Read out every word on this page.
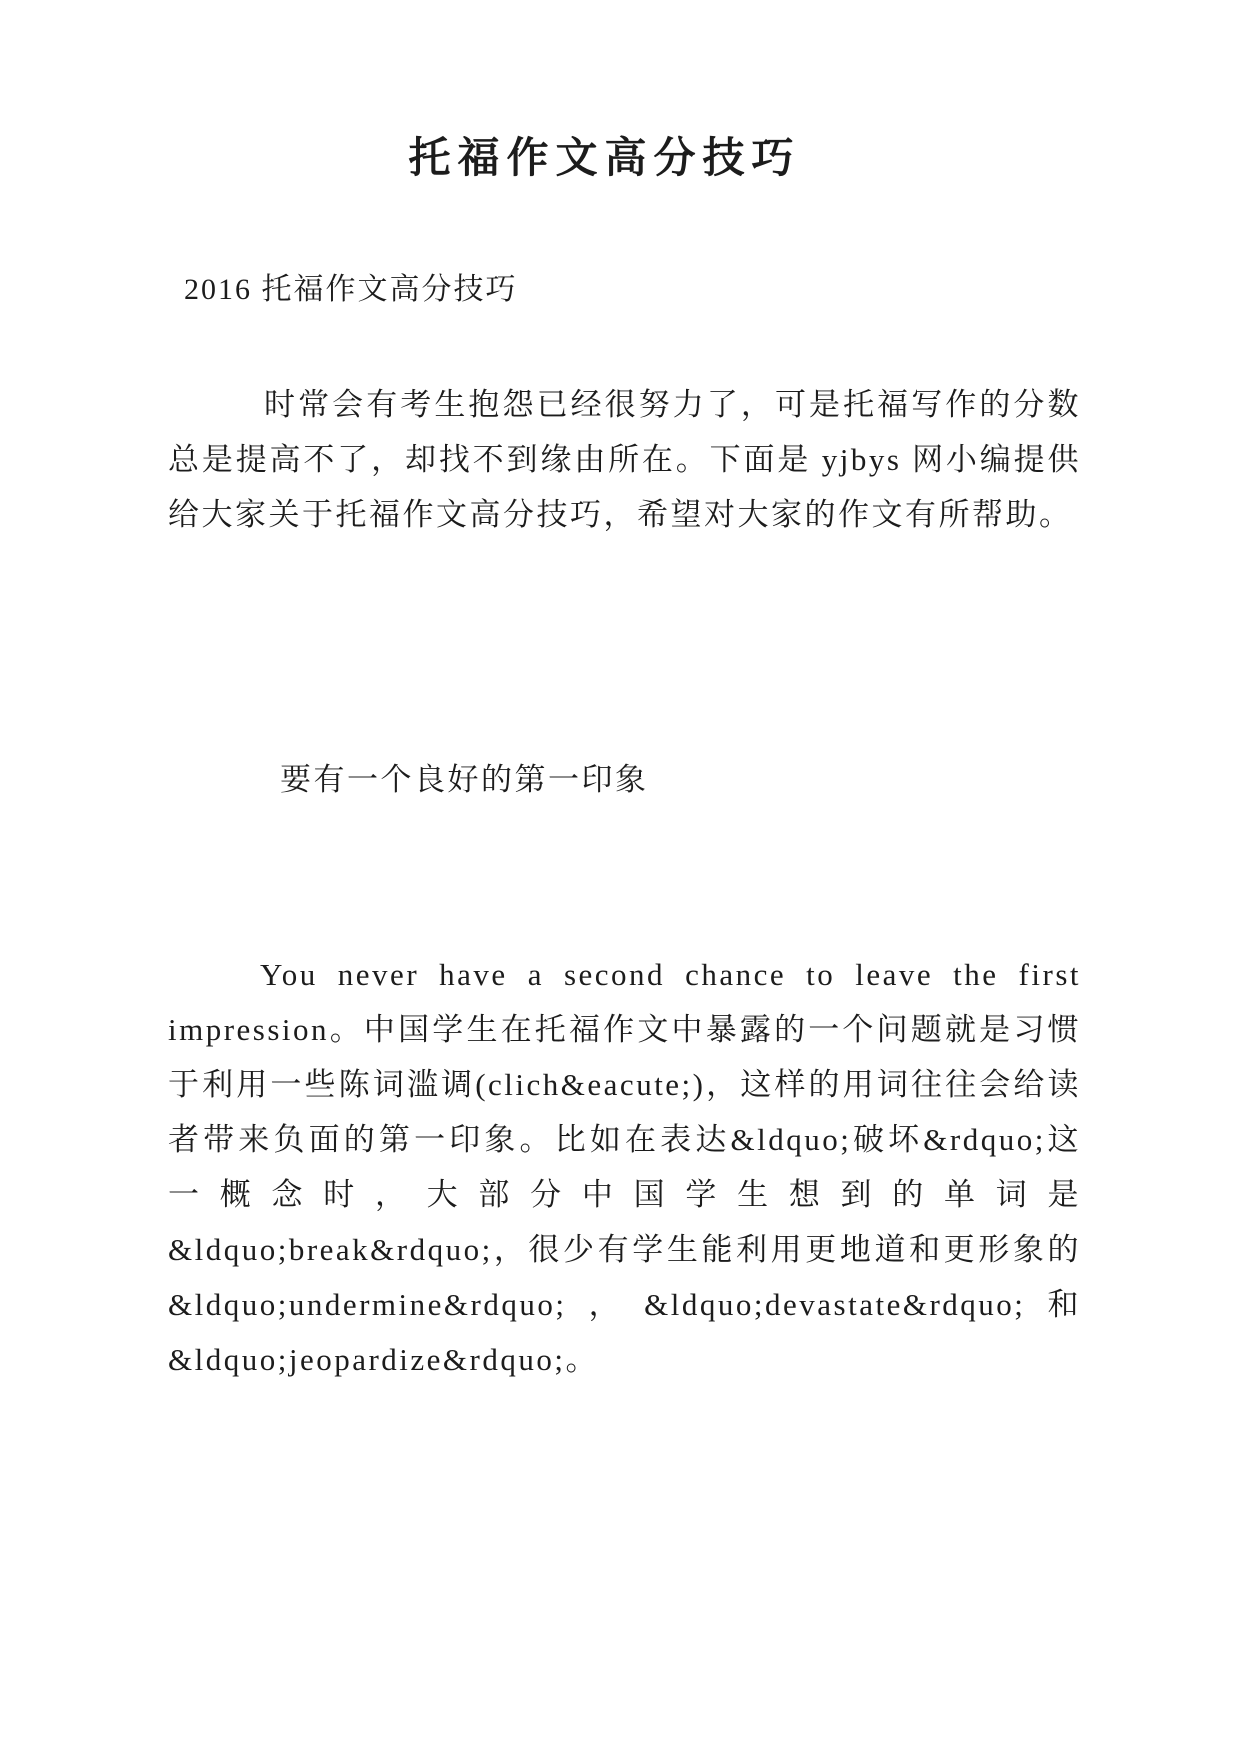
托福作文高分技巧

2016 托福作文高分技巧

时常会有考生抱怨已经很努力了，可是托福写作的分数总是提高不了，却找不到缘由所在。下面是 yjbys 网小编提供给大家关于托福作文高分技巧，希望对大家的作文有所帮助。

要有一个良好的第一印象

You never have a second chance to leave the first impression。中国学生在托福作文中暴露的一个问题就是习惯于利用一些陈词滥调(clich&eacute;)，这样的用词往往会给读者带来负面的第一印象。比如在表达&ldquo;破坏&rdquo;这一概念时，大部分中国学生想到的单词是&ldquo;break&rdquo;，很少有学生能利用更地道和更形象的 &ldquo;undermine&rdquo;，&ldquo;devastate&rdquo;和&ldquo;jeopardize&rdquo;。
